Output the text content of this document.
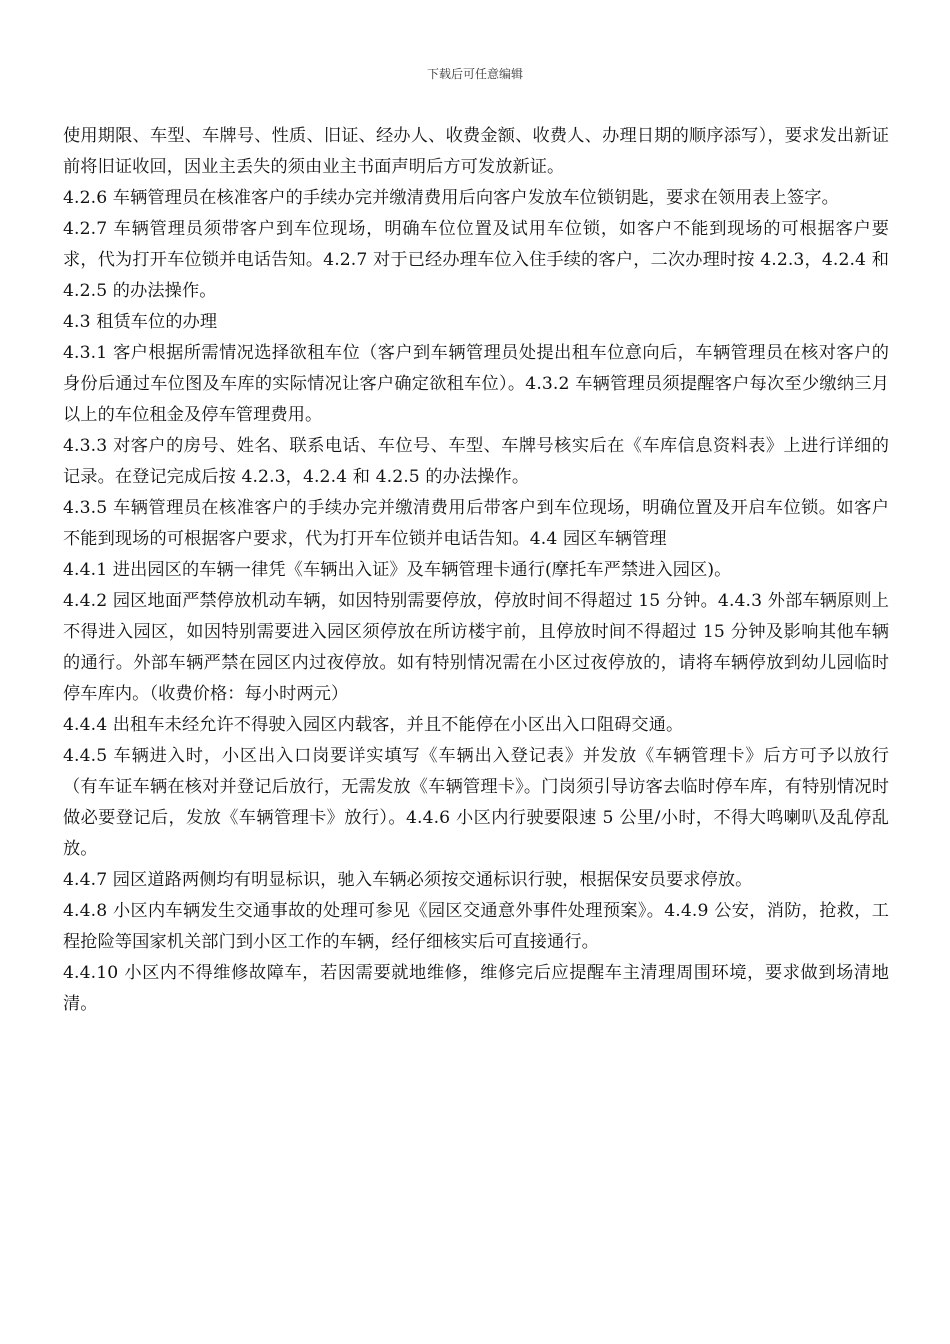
下载后可任意编辑

使用期限、车型、车牌号、性质、旧证、经办人、收费金额、收费人、办理日期的顺序添写），要求发出新证前将旧证收回，因业主丢失的须由业主书面声明后方可发放新证。

4.2.6 车辆管理员在核准客户的手续办完并缴清费用后向客户发放车位锁钥匙，要求在领用表上签字。

4.2.7 车辆管理员须带客户到车位现场，明确车位位置及试用车位锁，如客户不能到现场的可根据客户要求，代为打开车位锁并电话告知。4.2.7 对于已经办理车位入住手续的客户，二次办理时按 4.2.3，4.2.4 和 4.2.5 的办法操作。

4.3 租赁车位的办理

4.3.1 客户根据所需情况选择欲租车位（客户到车辆管理员处提出租车位意向后，车辆管理员在核对客户的身份后通过车位图及车库的实际情况让客户确定欲租车位）。4.3.2 车辆管理员须提醒客户每次至少缴纳三月以上的车位租金及停车管理费用。

4.3.3 对客户的房号、姓名、联系电话、车位号、车型、车牌号核实后在《车库信息资料表》上进行详细的记录。在登记完成后按 4.2.3，4.2.4 和 4.2.5 的办法操作。

4.3.5 车辆管理员在核准客户的手续办完并缴清费用后带客户到车位现场，明确位置及开启车位锁。如客户不能到现场的可根据客户要求，代为打开车位锁并电话告知。4.4 园区车辆管理

4.4.1 进出园区的车辆一律凭《车辆出入证》及车辆管理卡通行(摩托车严禁进入园区)。

4.4.2 园区地面严禁停放机动车辆，如因特别需要停放，停放时间不得超过 15 分钟。4.4.3 外部车辆原则上不得进入园区，如因特别需要进入园区须停放在所访楼宇前，且停放时间不得超过 15 分钟及影响其他车辆的通行。外部车辆严禁在园区内过夜停放。如有特别情况需在小区过夜停放的，请将车辆停放到幼儿园临时停车库内。（收费价格：每小时两元）

4.4.4 出租车未经允许不得驶入园区内载客，并且不能停在小区出入口阻碍交通。

4.4.5 车辆进入时，小区出入口岗要详实填写《车辆出入登记表》并发放《车辆管理卡》后方可予以放行（有车证车辆在核对并登记后放行，无需发放《车辆管理卡》。门岗须引导访客去临时停车库，有特别情况时做必要登记后，发放《车辆管理卡》放行）。4.4.6 小区内行驶要限速 5 公里/小时，不得大鸣喇叭及乱停乱放。

4.4.7 园区道路两侧均有明显标识，驰入车辆必须按交通标识行驶，根据保安员要求停放。

4.4.8 小区内车辆发生交通事故的处理可参见《园区交通意外事件处理预案》。4.4.9 公安，消防，抢救，工程抢险等国家机关部门到小区工作的车辆，经仔细核实后可直接通行。

4.4.10 小区内不得维修故障车，若因需要就地维修，维修完后应提醒车主清理周围环境，要求做到场清地清。
